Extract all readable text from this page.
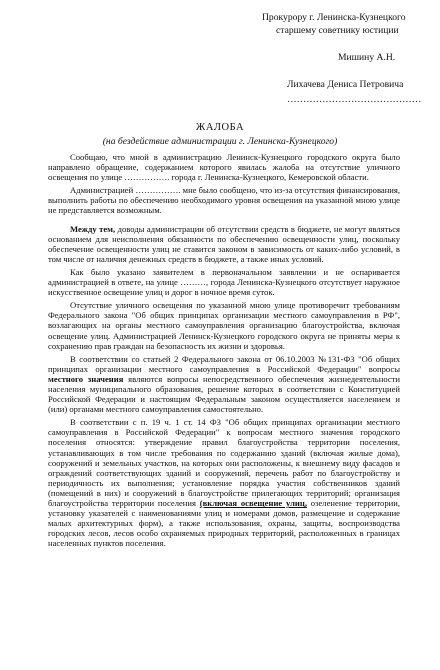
Прокурору г. Ленинска-Кузнецкого
старшему советнику юстиции
Мишину А.Н.
Лихачева Дениса Петровича
……………………………………
ЖАЛОБА
(на бездействие администрации г. Ленинска-Кузнецкого)

Сообщаю, что мной в администрацию Ленинск-Кузнецкого городского округа было направлено обращение, содержанием которого явилась жалоба на отсутствие уличного освещения по улице ……………. города г. Ленинска-Кузнецкого, Кемеровской области.

Администрацией ……………. мне было сообщено, что из-за отсутствия финансирования, выполнить работы по обеспечению необходимого уровня освещения на указанной мною улице не представляется возможным.

Между тем, доводы администрации об отсутствии средств в бюджете, не могут являться основанием для неисполнения обязанности по обеспечению освещенности улиц, поскольку обеспечение освещенности улиц не ставится законом в зависимость от каких-либо условий, в том числе от наличия денежных средств в бюджете, а также иных условий.

Как было указано заявителем в первоначальном заявлении и не оспаривается администрацией в ответе, на улице ………, города Ленинска-Кузнецкого отсутствует наружное искусственное освещение улиц и дорог в ночное время суток.

Отсутствие уличного освещения по указанной мною улице противоречит требованиям Федерального закона "Об общих принципах организации местного самоуправления в РФ", возлагающих на органы местного самоуправления организацию благоустройства, включая освещение улиц. Администрацией Ленинск-Кузнецкого городского округа не приняты меры к сохранению прав граждан на безопасность их жизни и здоровья.

В соответствии со статьей 2 Федерального закона от 06.10.2003 №131-ФЗ "Об общих принципах организации местного самоуправления в Российской Федерации" вопросы местного значения являются вопросы непосредственного обеспечения жизнедеятельности населения муниципального образования, решение которых в соответствии с Конституцией Российской Федерации и настоящим Федеральным законом осуществляется населением и (или) органами местного самоуправления самостоятельно.

В соответствии с п. 19 ч. 1 ст. 14 ФЗ "Об общих принципах организации местного самоуправления в Российской Федерации" к вопросам местного значения городского поселения относятся: утверждение правил благоустройства территории поселения, устанавливающих в том числе требования по содержанию зданий (включая жилые дома), сооружений и земельных участков, на которых они расположены, к внешнему виду фасадов и ограждений соответствующих зданий и сооружений, перечень работ по благоустройству и периодичность их выполнения; установление порядка участия собственников зданий (помещений в них) и сооружений в благоустройстве прилегающих территорий; организация благоустройства территории поселения (включая освещение улиц, озеленение территории, установку указателей с наименованиями улиц и номерами домов, размещение и содержание малых архитектурных форм), а также использования, охраны, защиты, воспроизводства городских лесов, лесов особо охраняемых природных территорий, расположенных в границах населенных пунктов поселения.
